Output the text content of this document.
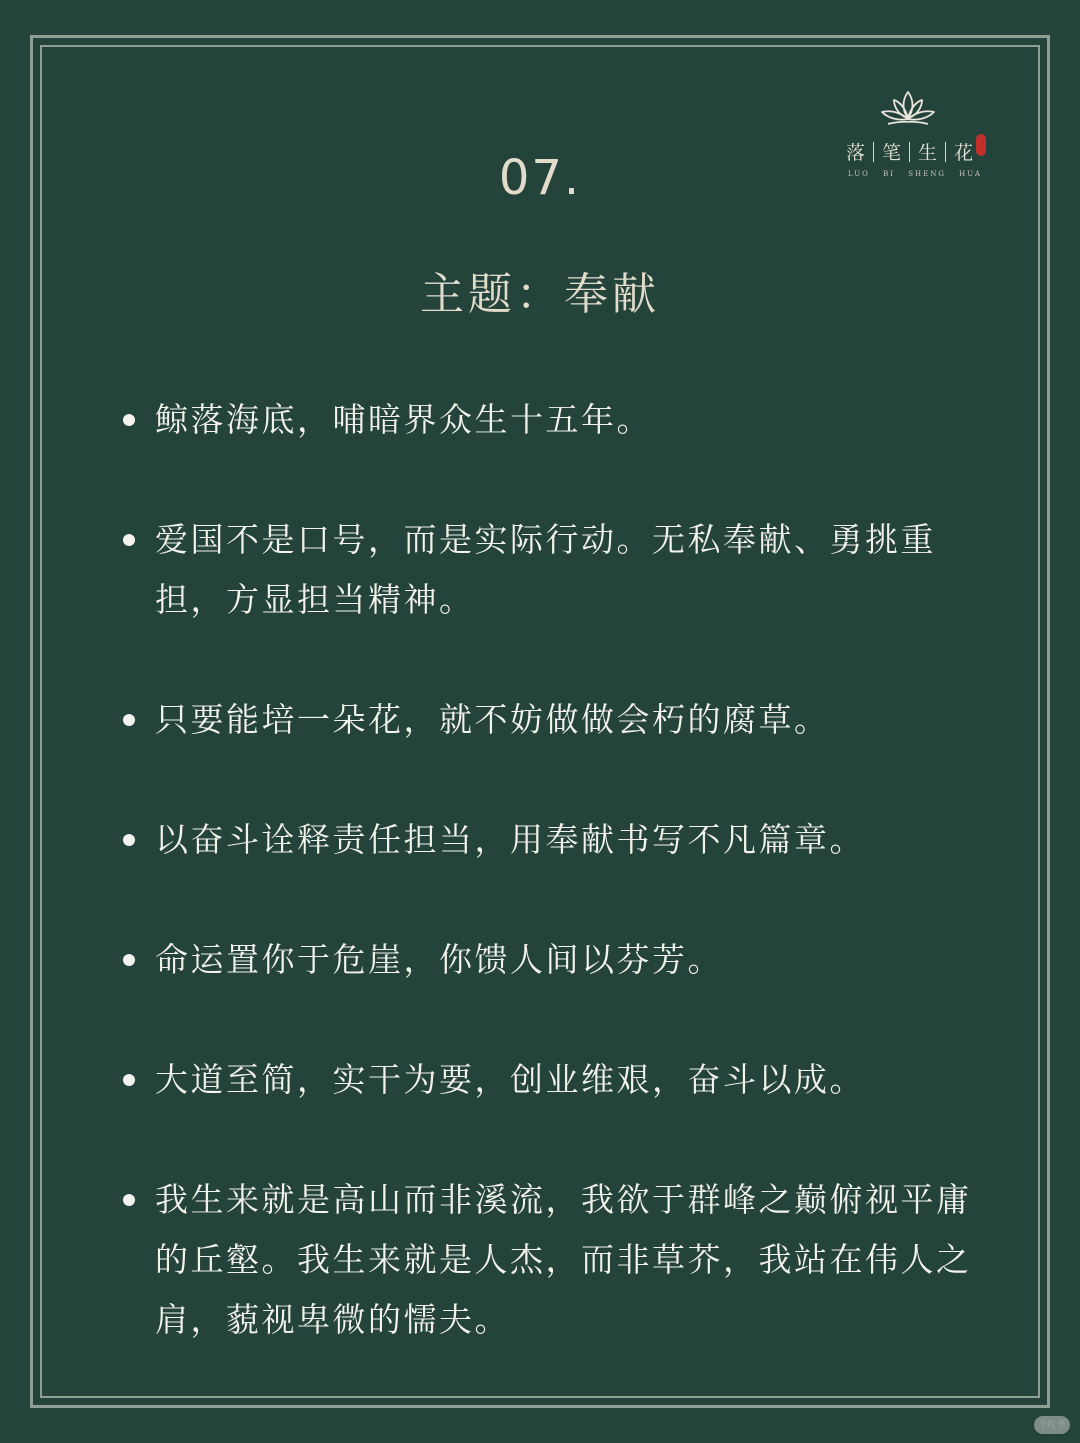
落 笔 生 花
LUO BI SHENG HUA
07.
主题：奉献
鲸落海底，哺暗界众生十五年。
爱国不是口号，而是实际行动。无私奉献、勇挑重担，方显担当精神。
只要能培一朵花，就不妨做做会朽的腐草。
以奋斗诠释责任担当，用奉献书写不凡篇章。
命运置你于危崖，你馈人间以芬芳。
大道至简，实干为要，创业维艰，奋斗以成。
我生来就是高山而非溪流，我欲于群峰之巅俯视平庸的丘壑。我生来就是人杰，而非草芥，我站在伟人之肩，藐视卑微的懦夫。
小红书
